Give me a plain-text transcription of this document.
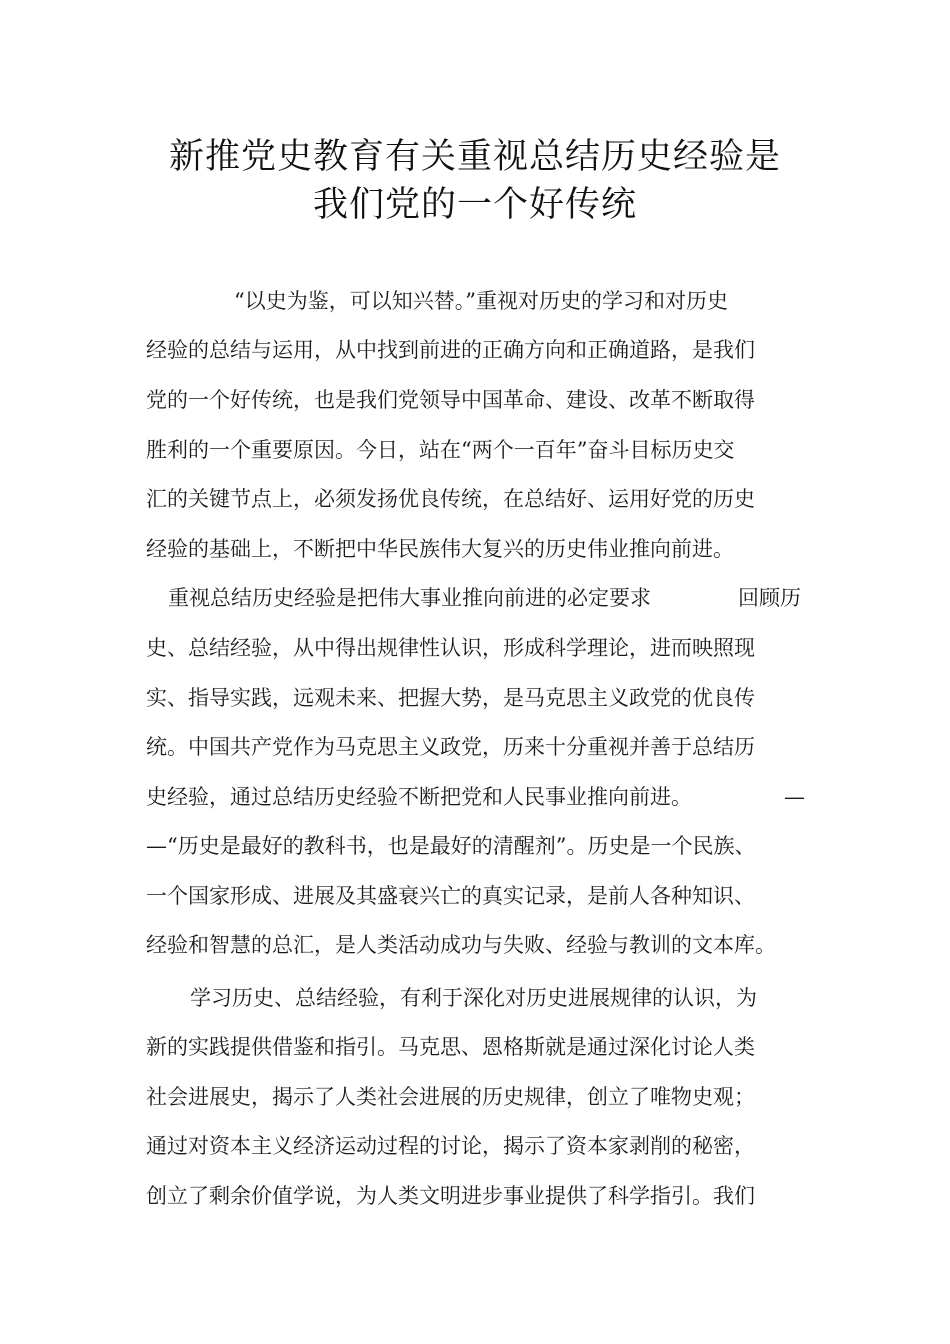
新推党史教育有关重视总结历史经验是
我们党的一个好传统
“以史为鉴，可以知兴替。”重视对历史的学习和对历史
经验的总结与运用，从中找到前进的正确方向和正确道路，是我们
党的一个好传统，也是我们党领导中国革命、建设、改革不断取得
胜利的一个重要原因。今日，站在“两个一百年”奋斗目标历史交
汇的关键节点上，必须发扬优良传统，在总结好、运用好党的历史
经验的基础上，不断把中华民族伟大复兴的历史伟业推向前进。
重视总结历史经验是把伟大事业推向前进的必定要求	回顾历
史、总结经验，从中得出规律性认识，形成科学理论，进而映照现
实、指导实践，远观未来、把握大势，是马克思主义政党的优良传
统。中国共产党作为马克思主义政党，历来十分重视并善于总结历
史经验，通过总结历史经验不断把党和人民事业推向前进。	—
—“历史是最好的教科书，也是最好的清醒剂”。历史是一个民族、
一个国家形成、进展及其盛衰兴亡的真实记录，是前人各种知识、
经验和智慧的总汇，是人类活动成功与失败、经验与教训的文本库。
学习历史、总结经验，有利于深化对历史进展规律的认识，为
新的实践提供借鉴和指引。马克思、恩格斯就是通过深化讨论人类
社会进展史，揭示了人类社会进展的历史规律，创立了唯物史观；
通过对资本主义经济运动过程的讨论，揭示了资本家剥削的秘密，
创立了剩余价值学说，为人类文明进步事业提供了科学指引。我们
